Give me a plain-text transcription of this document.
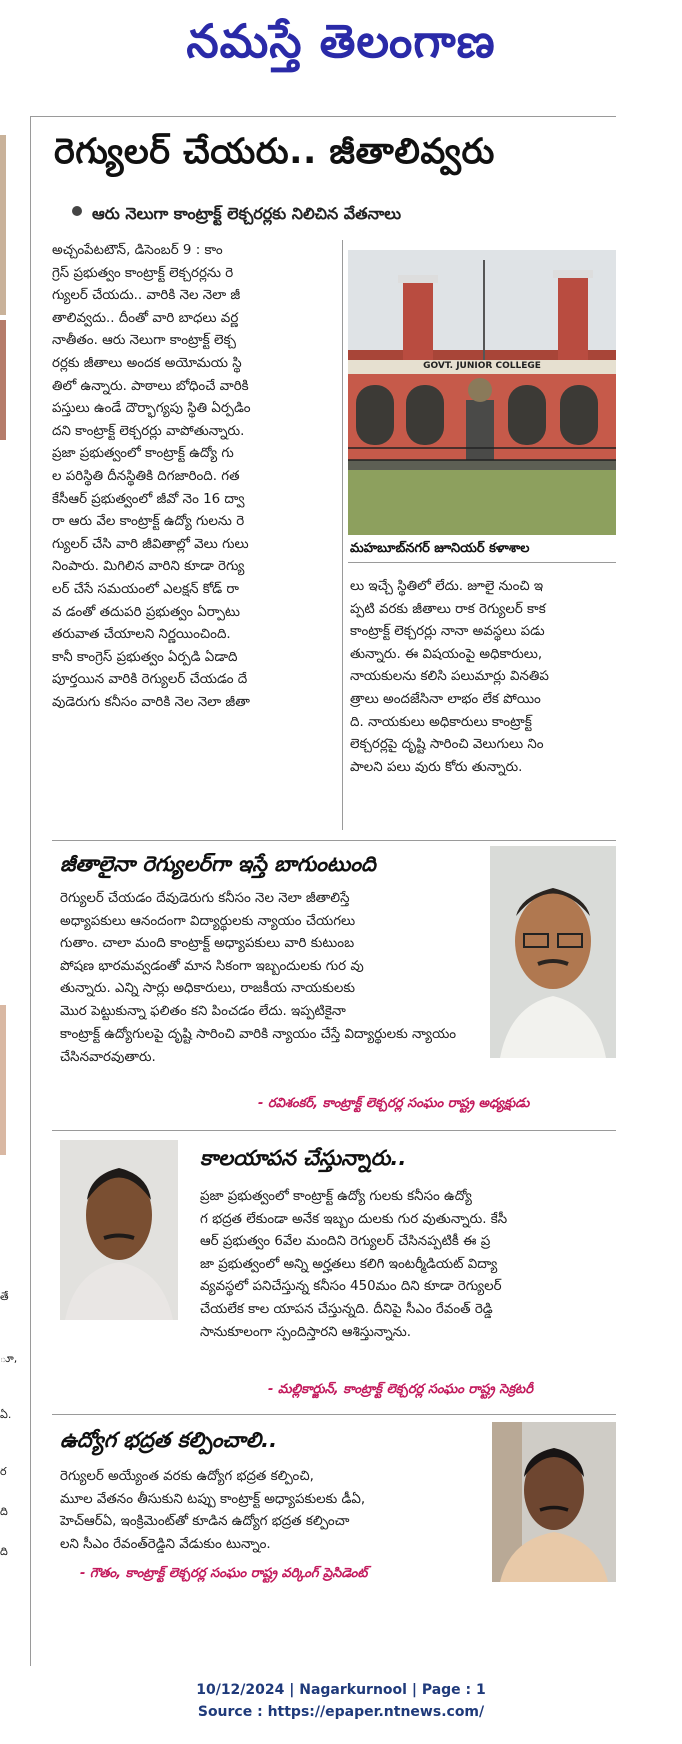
నమస్తే తెలంగాణ
తే
ూ,
ఏ.
ర
ది
ది
రెగ్యులర్ చేయరు.. జీతాలివ్వరు
ఆరు నెలుగా కాంట్రాక్ట్ లెక్చరర్లకు నిలిచిన వేతనాలు
అచ్చంపేటటౌన్, డిసెంబర్ 9 : కాం
గ్రెస్ ప్రభుత్వం కాంట్రాక్ట్ లెక్చరర్లను రె
గ్యులర్ చేయదు.. వారికి నెల నెలా జీ
తాలివ్వదు.. దీంతో వారి బాధలు వర్ణ
నాతీతం. ఆరు నెలుగా కాంట్రాక్ట్ లెక్చ
రర్లకు జీతాలు అందక అయోమయ స్థి
తిలో ఉన్నారు. పాఠాలు బోధించే వారికి
పస్తులు ఉండే దౌర్భాగ్యపు స్థితి ఏర్పడిం
దని కాంట్రాక్ట్ లెక్చరర్లు వాపోతున్నారు.
ప్రజా ప్రభుత్వంలో కాంట్రాక్ట్ ఉద్యో గు
ల పరిస్థితి దీనస్థితికి దిగజారింది. గత
కేసీఆర్ ప్రభుత్వంలో జీవో నెం 16 ద్వా
రా ఆరు వేల కాంట్రాక్ట్ ఉద్యో గులను రె
గ్యులర్ చేసి వారి జీవితాల్లో వెలు గులు
నింపారు. మిగిలిన వారిని కూడా రెగ్యు
లర్ చేసే సమయంలో ఎలక్షన్ కోడ్ రా
వ డంతో తదుపరి ప్రభుత్వం ఏర్పాటు
తరువాత చేయాలని నిర్ణయించింది.
కానీ కాంగ్రెస్ ప్రభుత్వం ఏర్పడి ఏడాది
పూర్తయిన వారికి రెగ్యులర్ చేయడం దే
వుడెరుగు కనీసం వారికి నెల నెలా జీతా
GOVT. JUNIOR COLLEGE
మహబూబ్‌నగర్ జూనియర్ కళాశాల
లు ఇచ్చే స్థితిలో లేదు. జూలై నుంచి ఇ
ప్పటి వరకు జీతాలు రాక రెగ్యులర్ కాక
కాంట్రాక్ట్ లెక్చరర్లు నానా అవస్థలు పడు
తున్నారు. ఈ విషయంపై అధికారులు,
నాయకులను కలిసి పలుమార్లు వినతిప
త్రాలు అందజేసినా లాభం లేక పోయిం
ది. నాయకులు అధికారులు కాంట్రాక్ట్
లెక్చరర్లపై దృష్టి సారించి వెలుగులు నిం
పాలని పలు వురు కోరు తున్నారు.
జీతాలైనా రెగ్యులర్‌గా ఇస్తే బాగుంటుంది
రెగ్యులర్ చేయడం దేవుడెరుగు కనీసం నెల నెలా జీతాలిస్తే
అధ్యాపకులు ఆనందంగా విద్యార్థులకు న్యాయం చేయగలు
గుతాం. చాలా మంది కాంట్రాక్ట్ అధ్యాపకులు వారి కుటుంబ
పోషణ భారమవ్వడంతో మాన సికంగా ఇబ్బందులకు గుర వు
తున్నారు. ఎన్ని సార్లు అధికారులు, రాజకీయ నాయకులకు
మొర పెట్టుకున్నా ఫలితం కని పించడం లేదు. ఇప్పటికైనా
కాంట్రాక్ట్ ఉద్యోగులపై దృష్టి సారించి వారికి న్యాయం చేస్తే విద్యార్థులకు న్యాయం
చేసినవారవుతారు.
- రవిశంకర్, కాంట్రాక్ట్ లెక్చరర్ల సంఘం రాష్ట్ర అధ్యక్షుడు
కాలయాపన చేస్తున్నారు..
ప్రజా ప్రభుత్వంలో కాంట్రాక్ట్ ఉద్యో గులకు కనీసం ఉద్యో
గ భద్రత లేకుండా అనేక ఇబ్బం దులకు గుర వుతున్నారు. కేసీ
ఆర్ ప్రభుత్వం 6వేల మందిని రెగ్యులర్ చేసినప్పటికీ ఈ ప్ర
జా ప్రభుత్వంలో అన్ని అర్హతలు కలిగి ఇంటర్మీడియట్ విద్యా
వ్యవస్థలో పనిచేస్తున్న కనీసం 450మం దిని కూడా రెగ్యులర్
చేయలేక కాల యాపన చేస్తున్నది. దీనిపై సీఎం రేవంత్ రెడ్డి
సానుకూలంగా స్పందిస్తారని ఆశిస్తున్నాను.
- మల్లికార్జున్, కాంట్రాక్ట్ లెక్చరర్ల సంఘం రాష్ట్ర సెక్రటరీ
ఉద్యోగ భద్రత కల్పించాలి..
రెగ్యులర్ అయ్యేంత వరకు ఉద్యోగ భద్రత కల్పించి,
మూల వేతనం తీసుకుని టప్పు కాంట్రాక్ట్ అధ్యాపకులకు డీఏ,
హెచ్‌ఆర్‌ఏ, ఇంక్రిమెంట్‌తో కూడిన ఉద్యోగ భద్రత కల్పించా
లని సీఎం రేవంత్‌రెడ్డిని వేడుకుం టున్నాం.
- గౌతం, కాంట్రాక్ట్ లెక్చరర్ల సంఘం రాష్ట్ర వర్కింగ్ ప్రెసిడెంట్
10/12/2024 | Nagarkurnool | Page : 1
Source : https://epaper.ntnews.com/
